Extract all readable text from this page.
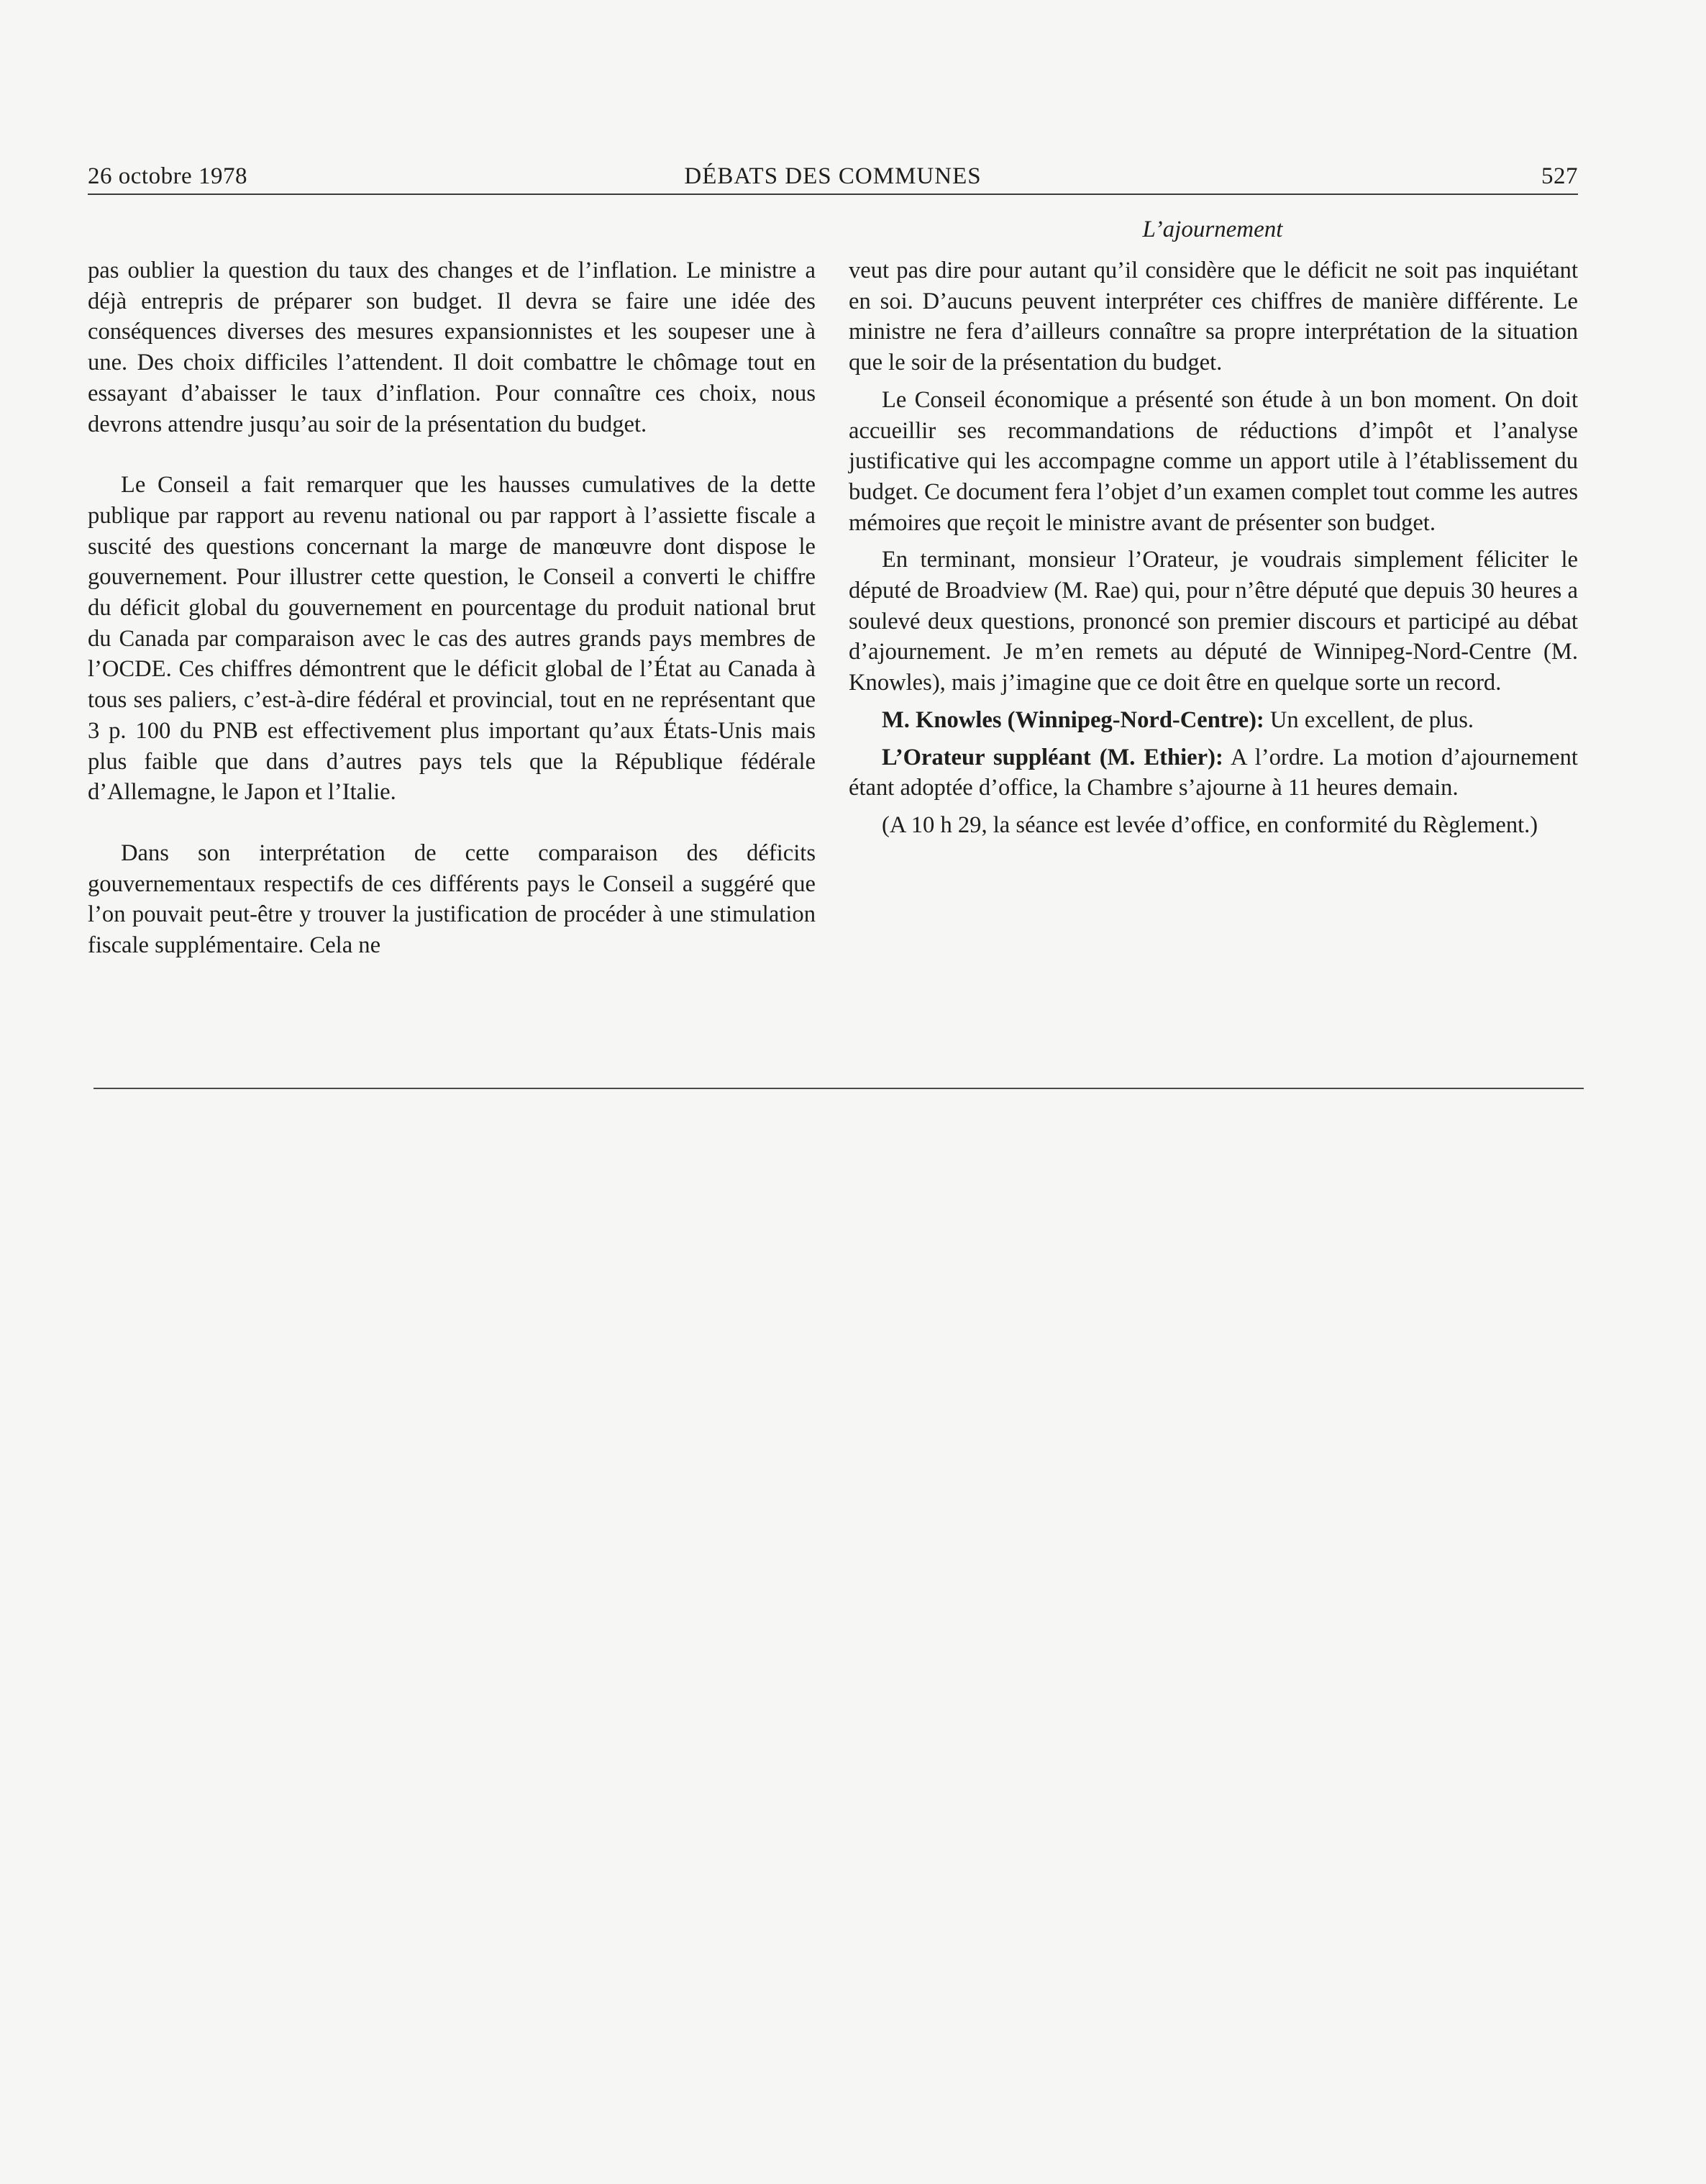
26 octobre 1978	DÉBATS DES COMMUNES	527
L’ajournement

pas oublier la question du taux des changes et de l’inflation. Le ministre a déjà entrepris de préparer son budget. Il devra se faire une idée des conséquences diverses des mesures expansionnistes et les soupeser une à une. Des choix difficiles l’attendent. Il doit combattre le chômage tout en essayant d’abaisser le taux d’inflation. Pour connaître ces choix, nous devrons attendre jusqu’au soir de la présentation du budget.

Le Conseil a fait remarquer que les hausses cumulatives de la dette publique par rapport au revenu national ou par rapport à l’assiette fiscale a suscité des questions concernant la marge de manœuvre dont dispose le gouvernement. Pour illustrer cette question, le Conseil a converti le chiffre du déficit global du gouvernement en pourcentage du produit national brut du Canada par comparaison avec le cas des autres grands pays membres de l’OCDE. Ces chiffres démontrent que le déficit global de l’État au Canada à tous ses paliers, c’est-à-dire fédéral et provincial, tout en ne représentant que 3 p. 100 du PNB est effectivement plus important qu’aux États-Unis mais plus faible que dans d’autres pays tels que la République fédérale d’Allemagne, le Japon et l’Italie.

Dans son interprétation de cette comparaison des déficits gouvernementaux respectifs de ces différents pays le Conseil a suggéré que l’on pouvait peut-être y trouver la justification de procéder à une stimulation fiscale supplémentaire. Cela ne

veut pas dire pour autant qu’il considère que le déficit ne soit pas inquiétant en soi. D’aucuns peuvent interpréter ces chiffres de manière différente. Le ministre ne fera d’ailleurs connaître sa propre interprétation de la situation que le soir de la présentation du budget.

Le Conseil économique a présenté son étude à un bon moment. On doit accueillir ses recommandations de réductions d’impôt et l’analyse justificative qui les accompagne comme un apport utile à l’établissement du budget. Ce document fera l’objet d’un examen complet tout comme les autres mémoires que reçoit le ministre avant de présenter son budget.

En terminant, monsieur l’Orateur, je voudrais simplement féliciter le député de Broadview (M. Rae) qui, pour n’être député que depuis 30 heures a soulevé deux questions, prononcé son premier discours et participé au débat d’ajournement. Je m’en remets au député de Winnipeg-Nord-Centre (M. Knowles), mais j’imagine que ce doit être en quelque sorte un record.

M. Knowles (Winnipeg-Nord-Centre): Un excellent, de plus.

L’Orateur suppléant (M. Ethier): A l’ordre. La motion d’ajournement étant adoptée d’office, la Chambre s’ajourne à 11 heures demain.

(A 10 h 29, la séance est levée d’office, en conformité du Règlement.)
